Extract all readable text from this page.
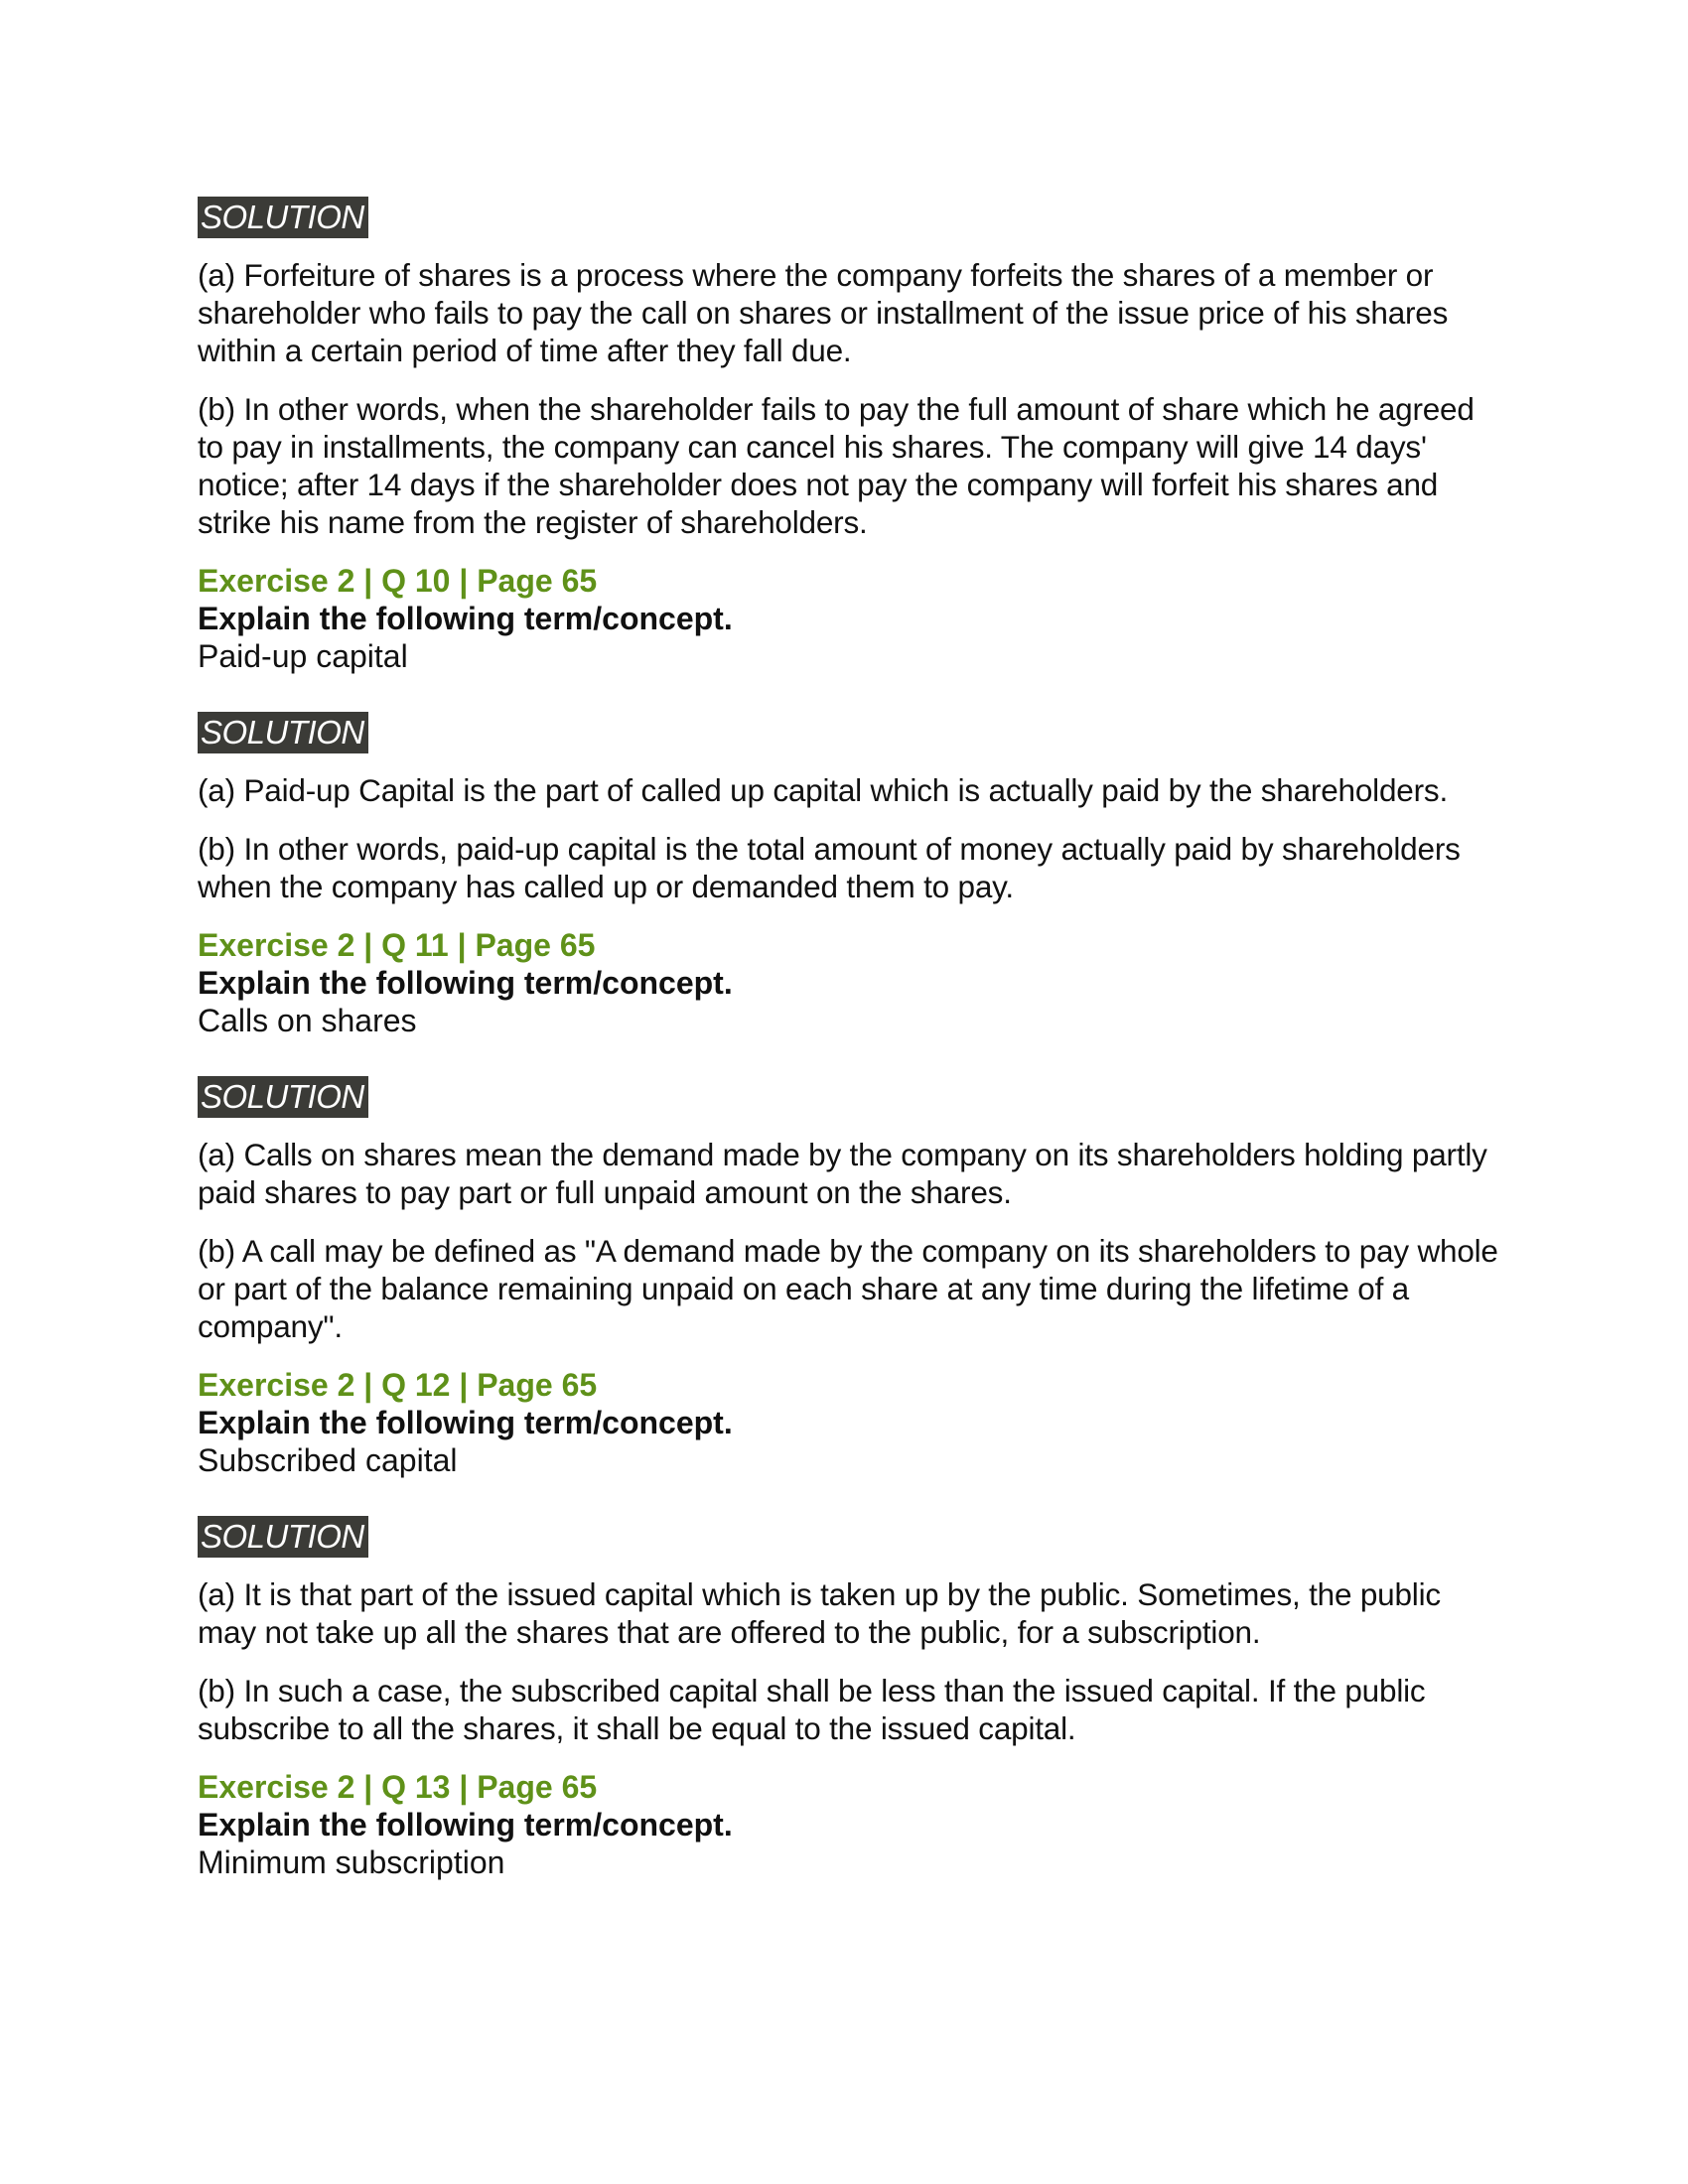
SOLUTION

(a) Forfeiture of shares is a process where the company forfeits the shares of a member or shareholder who fails to pay the call on shares or installment of the issue price of his shares within a certain period of time after they fall due.

(b) In other words, when the shareholder fails to pay the full amount of share which he agreed to pay in installments, the company can cancel his shares. The company will give 14 days' notice; after 14 days if the shareholder does not pay the company will forfeit his shares and strike his name from the register of shareholders.

Exercise 2 | Q 10 | Page 65
Explain the following term/concept.
Paid-up capital
SOLUTION

(a) Paid-up Capital is the part of called up capital which is actually paid by the shareholders.

(b) In other words, paid-up capital is the total amount of money actually paid by shareholders when the company has called up or demanded them to pay.

Exercise 2 | Q 11 | Page 65
Explain the following term/concept.
Calls on shares
SOLUTION

(a) Calls on shares mean the demand made by the company on its shareholders holding partly paid shares to pay part or full unpaid amount on the shares.

(b) A call may be defined as "A demand made by the company on its shareholders to pay whole or part of the balance remaining unpaid on each share at any time during the lifetime of a company".

Exercise 2 | Q 12 | Page 65
Explain the following term/concept.
Subscribed capital
SOLUTION

(a) It is that part of the issued capital which is taken up by the public. Sometimes, the public may not take up all the shares that are offered to the public, for a subscription.

(b) In such a case, the subscribed capital shall be less than the issued capital. If the public subscribe to all the shares, it shall be equal to the issued capital.

Exercise 2 | Q 13 | Page 65
Explain the following term/concept.
Minimum subscription
